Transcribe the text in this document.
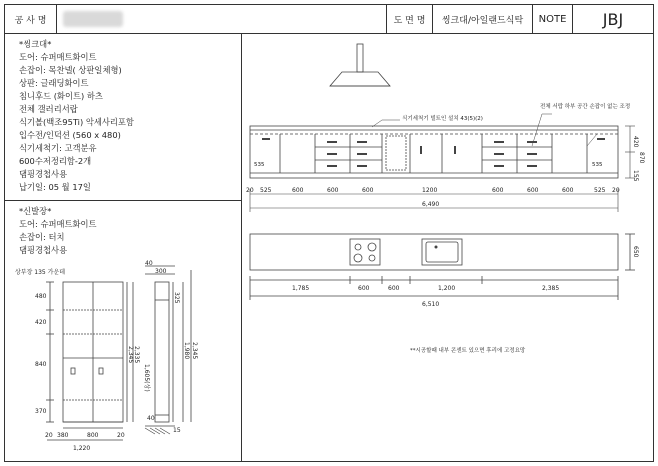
공 사 명	도 면 명	씽크대/아일랜드식탁	NOTE	JBJ
*씽크대*
도어: 슈퍼매트화이트
손잡이: 목찬넬( 상판일체형)
상판: 글래딩화이트
침니후드 (화이트) 하츠
전체 갤러리서랍
식기볼(백조95Ti) 악세사리포함
입수전/인덕션 (560 x 480)
식기세척기: 고객분유
600수저정리함-2개
댐핑경첩사용
납기일: 05 월 17일
*신발장*
도어: 슈퍼매트화이트
손잡이: 터치
댐핑경첩사용
상부장 135 가운데
480
420
840
370
2,345 2,335
1,605(상)
20 380	800	20
1,220
40
300
325
1,980 2,345
40
15
식기세척기 빌트인 설치 43(5)(2)
전체 서랍 하부 공간 손잡이 없는 조정
535	535
20 525	600	600	600	1200	600	600	600	525 20
6,490
420
870
155
1,785	600	600	1,200	2,385
6,510
650
**시공할때 내부 콘센트 있으면 후리에 고정요망
